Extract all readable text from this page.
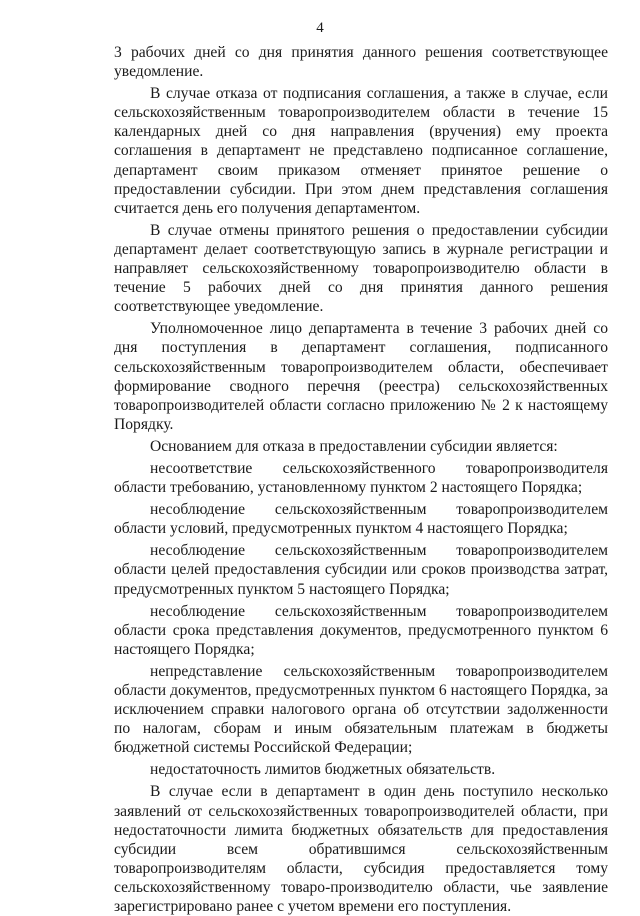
4

3 рабочих дней со дня принятия данного решения соответствующее уведомление.

В случае отказа от подписания соглашения, а также в случае, если сельскохозяйственным товаропроизводителем области в течение 15 календарных дней со дня направления (вручения) ему проекта соглашения в департамент не представлено подписанное соглашение, департамент своим приказом отменяет принятое решение о предоставлении субсидии. При этом днем представления соглашения считается день его получения департаментом.

В случае отмены принятого решения о предоставлении субсидии департамент делает соответствующую запись в журнале регистрации и направляет сельскохозяйственному товаропроизводителю области в течение 5 рабочих дней со дня принятия данного решения соответствующее уведомление.

Уполномоченное лицо департамента в течение 3 рабочих дней со дня поступления в департамент соглашения, подписанного сельскохозяйственным товаропроизводителем области, обеспечивает формирование сводного перечня (реестра) сельскохозяйственных товаропроизводителей области согласно приложению № 2 к настоящему Порядку.

Основанием для отказа в предоставлении субсидии является:

несоответствие сельскохозяйственного товаропроизводителя области требованию, установленному пунктом 2 настоящего Порядка;

несоблюдение сельскохозяйственным товаропроизводителем области условий, предусмотренных пунктом 4 настоящего Порядка;

несоблюдение сельскохозяйственным товаропроизводителем области целей предоставления субсидии или сроков производства затрат, предусмотренных пунктом 5 настоящего Порядка;

несоблюдение сельскохозяйственным товаропроизводителем области срока представления документов, предусмотренного пунктом 6 настоящего Порядка;

непредставление сельскохозяйственным товаропроизводителем области документов, предусмотренных пунктом 6 настоящего Порядка, за исключением справки налогового органа об отсутствии задолженности по налогам, сборам и иным обязательным платежам в бюджеты бюджетной системы Российской Федерации;

недостаточность лимитов бюджетных обязательств.

В случае если в департамент в один день поступило несколько заявлений от сельскохозяйственных товаропроизводителей области, при недостаточности лимита бюджетных обязательств для предоставления субсидии всем обратившимся сельскохозяйственным товаропроизводителям области, субсидия предоставляется тому сельскохозяйственному товаро-производителю области, чье заявление зарегистрировано ранее с учетом времени его поступления.
